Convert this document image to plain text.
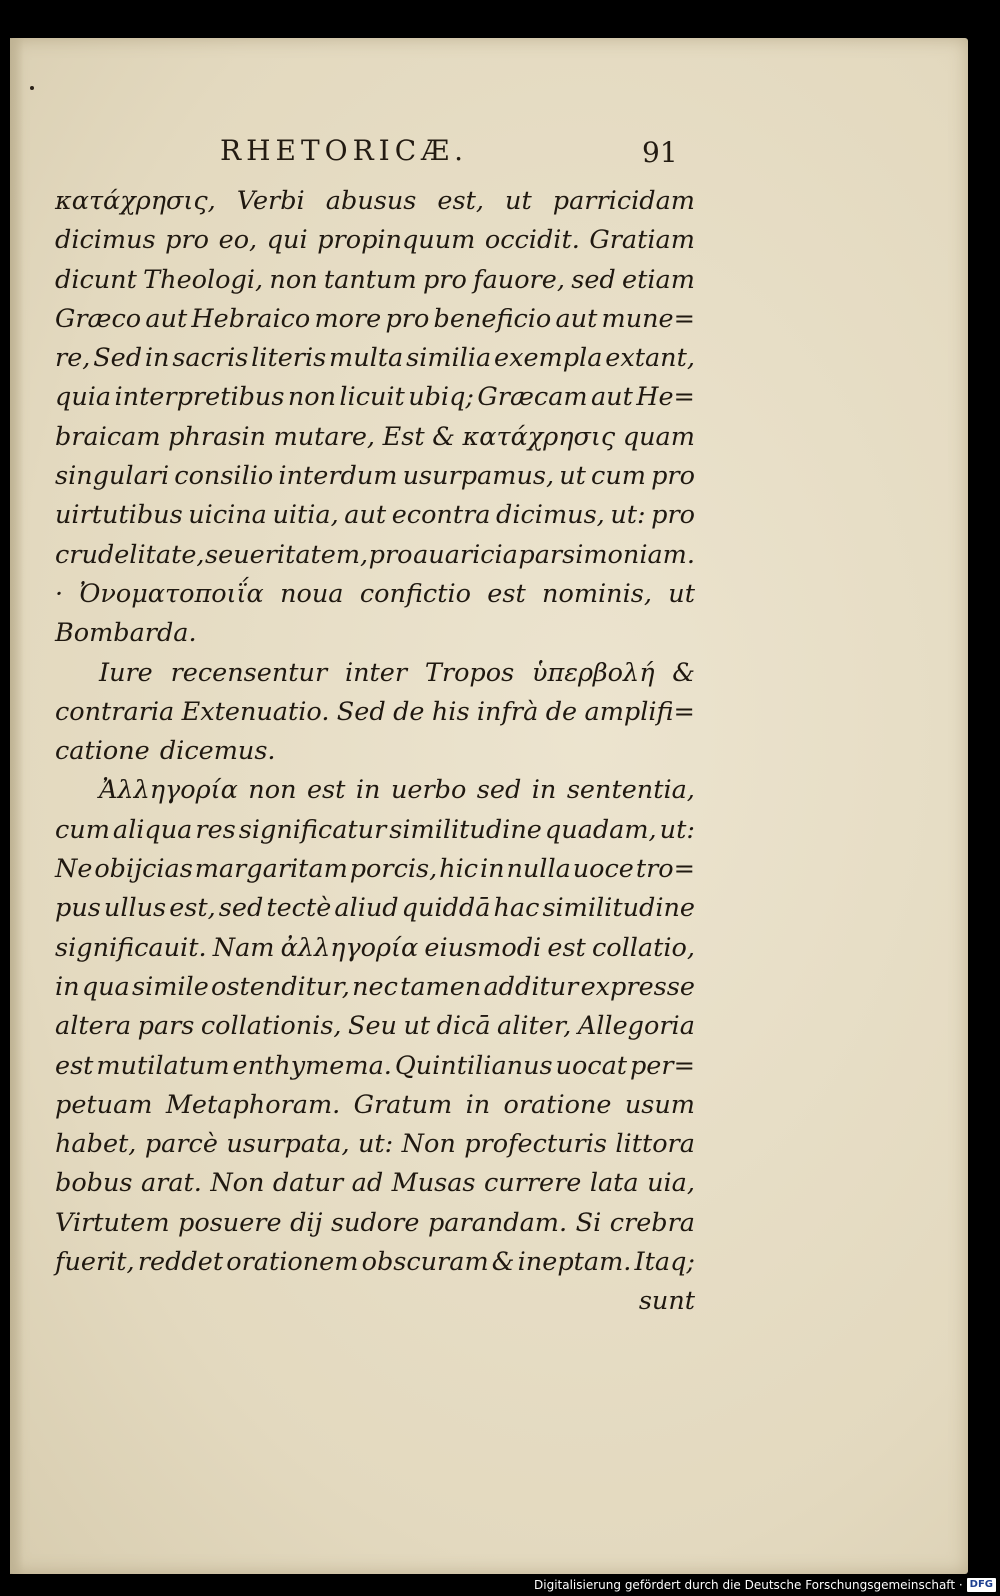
RHETORICÆ.	91
κατάχρησις, Verbi abusus est, ut parricidam
dicimus pro eo, qui propinquum occidit. Gratiam
dicunt Theologi, non tantum pro fauore, sed etiam
Græco aut Hebraico more pro beneficio aut mune=
re, Sed in sacris literis multa similia exempla extant,
quia interpretibus non licuit ubiq; Græcam aut He=
braicam phrasin mutare, Est & κατάχρησις quam
singulari consilio interdum usurpamus, ut cum pro
uirtutibus uicina uitia, aut econtra dicimus, ut: pro
crudelitate, seueritatem, pro auaricia parsimoniam.
· Ὀνοματοποιΐα noua confictio est nominis, ut
Bombarda.
Iure recensentur inter Tropos ὑπερβολή &
contraria Extenuatio. Sed de his infrà de amplifi=
catione dicemus.
Ἀλληγορία non est in uerbo sed in sententia,
cum aliqua res significatur similitudine quadam, ut:
Ne obijcias margaritam porcis, hic in nulla uoce tro=
pus ullus est, sed tectè aliud quiddā hac similitudine
significauit. Nam ἀλληγορία eiusmodi est collatio,
in qua simile ostenditur, nec tamen additur expresse
altera pars collationis, Seu ut dicā aliter, Allegoria
est mutilatum enthymema. Quintilianus uocat per=
petuam Metaphoram. Gratum in oratione usum
habet, parcè usurpata, ut: Non profecturis littora
bobus arat. Non datur ad Musas currere lata uia,
Virtutem posuere dij sudore parandam. Si crebra
fuerit, reddet orationem obscuram & ineptam. Itaq;
sunt
Digitalisierung gefördert durch die Deutsche Forschungsgemeinschaft · DFG
